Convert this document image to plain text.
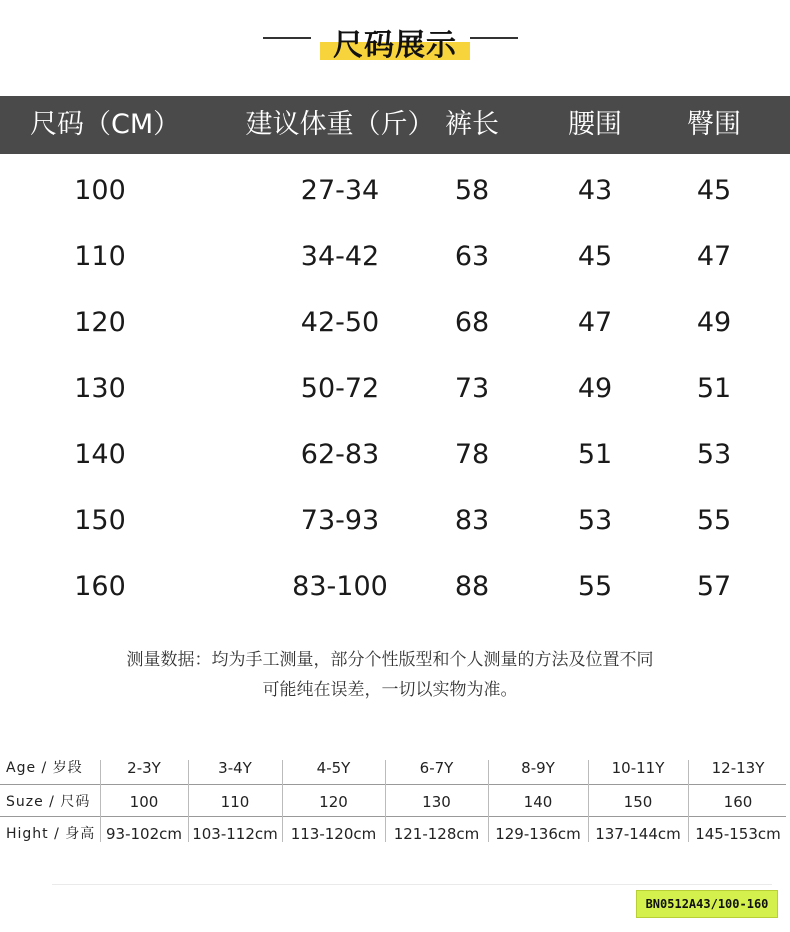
尺码展示
尺码（CM） 建议体重（斤） 裤长	腰围 臀围
100	27-34	58	43	45
110	34-42	63	45	47
120	42-50	68	47	49
130	50-72	73	49	51
140	62-83	78	51	53
150	73-93	83	53	55
160	83-100	88	55	57
测量数据：均为手工测量，部分个性版型和个人测量的方法及位置不同
可能纯在误差，一切以实物为准。
Age / 岁段	2-3Y	3-4Y	4-5Y	6-7Y	8-9Y	10-11Y	12-13Y
Suze / 尺码	100	110	120	130	140	150	160
Hight / 身高 93-102cm 103-112cm 113-120cm	121-128cm	129-136cm 137-144cm 145-153cm
BN0512A43/100-160
